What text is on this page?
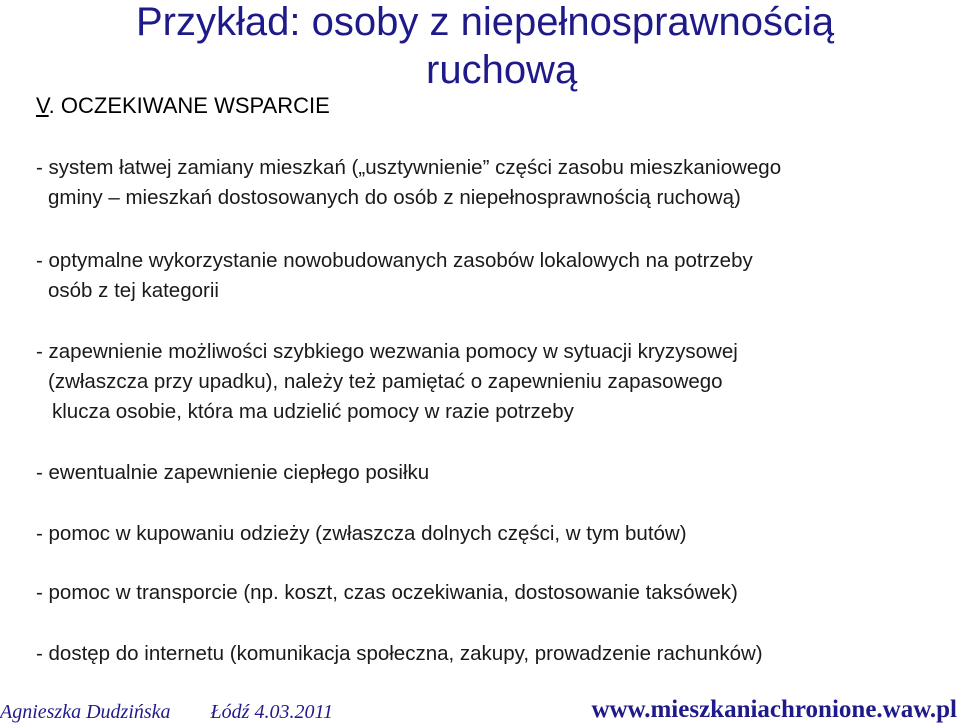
Przykład: osoby z niepełnosprawnością
ruchową
V. OCZEKIWANE WSPARCIE
- system łatwej zamiany mieszkań („usztywnienie” części zasobu mieszkaniowego
gminy – mieszkań dostosowanych do osób z niepełnosprawnością ruchową)
- optymalne wykorzystanie nowobudowanych zasobów lokalowych na potrzeby
osób z tej kategorii
- zapewnienie możliwości szybkiego wezwania pomocy w sytuacji kryzysowej
(zwłaszcza przy upadku), należy też pamiętać o zapewnieniu zapasowego
klucza osobie, która ma udzielić pomocy w razie potrzeby
- ewentualnie zapewnienie ciepłego posiłku
- pomoc w kupowaniu odzieży (zwłaszcza dolnych części, w tym butów)
- pomoc w transporcie (np. koszt, czas oczekiwania, dostosowanie taksówek)
- dostęp do internetu (komunikacja społeczna, zakupy, prowadzenie rachunków)
Agnieszka Dudzińska Łódź 4.03.2011	www.mieszkaniachronione.waw.pl
